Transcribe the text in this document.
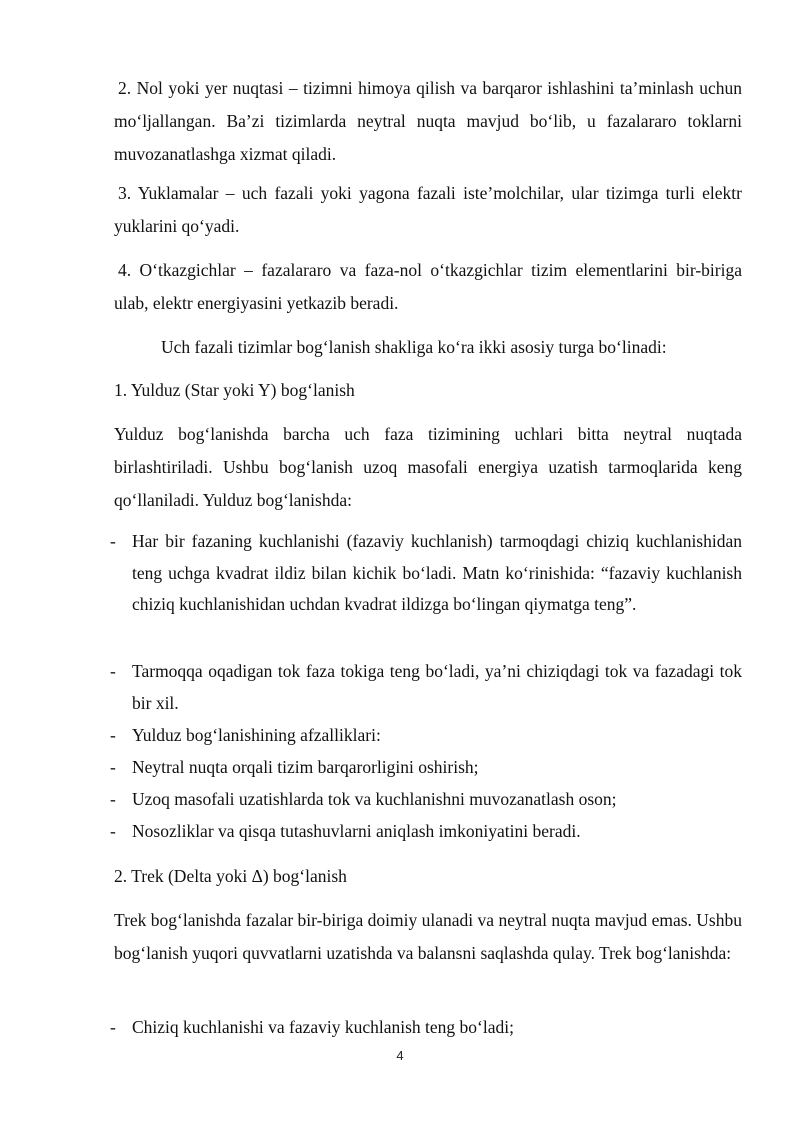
2. Nol yoki yer nuqtasi – tizimni himoya qilish va barqaror ishlashini ta’minlash uchun mo‘ljallangan. Ba’zi tizimlarda neytral nuqta mavjud bo‘lib, u fazalararo toklarni muvozanatlashga xizmat qiladi.

3. Yuklamalar – uch fazali yoki yagona fazali iste’molchilar, ular tizimga turli elektr yuklarini qo‘yadi.

4. O‘tkazgichlar – fazalararo va faza-nol o‘tkazgichlar tizim elementlarini bir-biriga ulab, elektr energiyasini yetkazib beradi.

Uch fazali tizimlar bog‘lanish shakliga ko‘ra ikki asosiy turga bo‘linadi:

1. Yulduz (Star yoki Y) bog‘lanish

Yulduz bog‘lanishda barcha uch faza tizimining uchlari bitta neytral nuqtada birlashtiriladi. Ushbu bog‘lanish uzoq masofali energiya uzatish tarmoqlarida keng qo‘llaniladi. Yulduz bog‘lanishda:

- Har bir fazaning kuchlanishi (fazaviy kuchlanish) tarmoqdagi chiziq kuchlanishidan teng uchga kvadrat ildiz bilan kichik bo‘ladi. Matn ko‘rinishida: “fazaviy kuchlanish chiziq kuchlanishidan uchdan kvadrat ildizga bo‘lingan qiymatga teng”.
- Tarmoqqa oqadigan tok faza tokiga teng bo‘ladi, ya’ni chiziqdagi tok va fazadagi tok bir xil.
- Yulduz bog‘lanishining afzalliklari:
- Neytral nuqta orqali tizim barqarorligini oshirish;
- Uzoq masofali uzatishlarda tok va kuchlanishni muvozanatlash oson;
- Nosozliklar va qisqa tutashuvlarni aniqlash imkoniyatini beradi.

2. Trek (Delta yoki Δ) bog‘lanish

Trek bog‘lanishda fazalar bir-biriga doimiy ulanadi va neytral nuqta mavjud emas. Ushbu bog‘lanish yuqori quvvatlarni uzatishda va balansni saqlashda qulay. Trek bog‘lanishda:

- Chiziq kuchlanishi va fazaviy kuchlanish teng bo‘ladi;
4
